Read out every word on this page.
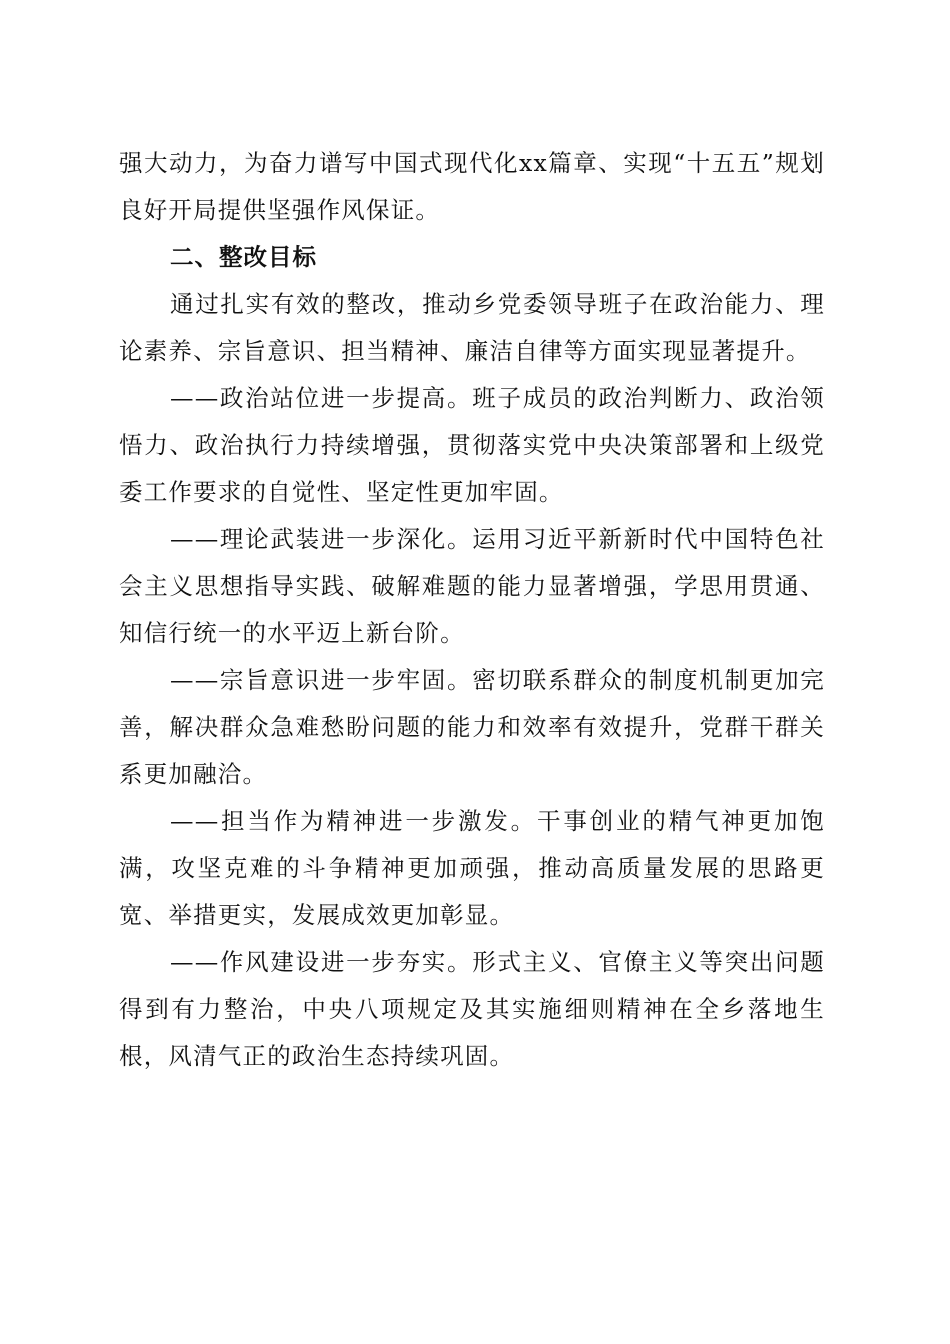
强大动力，为奋力谱写中国式现代化xx篇章、实现“十五五”规划良好开局提供坚强作风保证。

二、整改目标

通过扎实有效的整改，推动乡党委领导班子在政治能力、理论素养、宗旨意识、担当精神、廉洁自律等方面实现显著提升。

——政治站位进一步提高。班子成员的政治判断力、政治领悟力、政治执行力持续增强，贯彻落实党中央决策部署和上级党委工作要求的自觉性、坚定性更加牢固。

——理论武装进一步深化。运用习近平新新时代中国特色社会主义思想指导实践、破解难题的能力显著增强，学思用贯通、知信行统一的水平迈上新台阶。

——宗旨意识进一步牢固。密切联系群众的制度机制更加完善，解决群众急难愁盼问题的能力和效率有效提升，党群干群关系更加融洽。

——担当作为精神进一步激发。干事创业的精气神更加饱满，攻坚克难的斗争精神更加顽强，推动高质量发展的思路更宽、举措更实，发展成效更加彰显。

——作风建设进一步夯实。形式主义、官僚主义等突出问题得到有力整治，中央八项规定及其实施细则精神在全乡落地生根，风清气正的政治生态持续巩固。
